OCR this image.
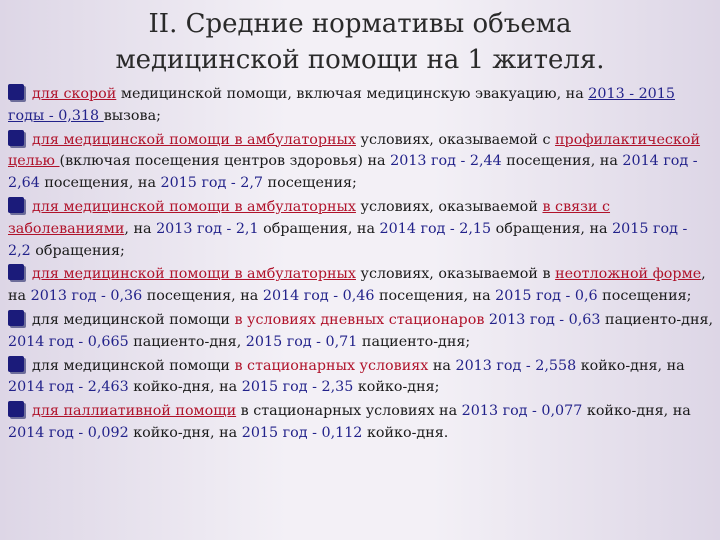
II. Средние нормативы объема
медицинской помощи на 1 жителя.
для скорой медицинской помощи, включая медицинскую эвакуацию, на 2013 - 2015 годы - 0,318 вызова;
для медицинской помощи в амбулаторных условиях, оказываемой с профилактической целью (включая посещения центров здоровья) на 2013 год - 2,44 посещения, на 2014 год - 2,64 посещения, на 2015 год - 2,7 посещения;
для медицинской помощи в амбулаторных условиях, оказываемой в связи с заболеваниями, на 2013 год - 2,1 обращения, на 2014 год - 2,15 обращения, на 2015 год - 2,2 обращения;
для медицинской помощи в амбулаторных условиях, оказываемой в неотложной форме, на 2013 год - 0,36 посещения, на 2014 год - 0,46 посещения, на 2015 год - 0,6 посещения;
для медицинской помощи в условиях дневных стационаров 2013 год - 0,63 пациенто-дня, 2014 год - 0,665 пациенто-дня, 2015 год - 0,71 пациенто-дня;
для медицинской помощи в стационарных условиях на 2013 год - 2,558 койко-дня, на 2014 год - 2,463 койко-дня, на 2015 год - 2,35 койко-дня;
для паллиативной помощи в стационарных условиях на 2013 год - 0,077 койко-дня, на 2014 год - 0,092 койко-дня, на 2015 год - 0,112 койко-дня.
